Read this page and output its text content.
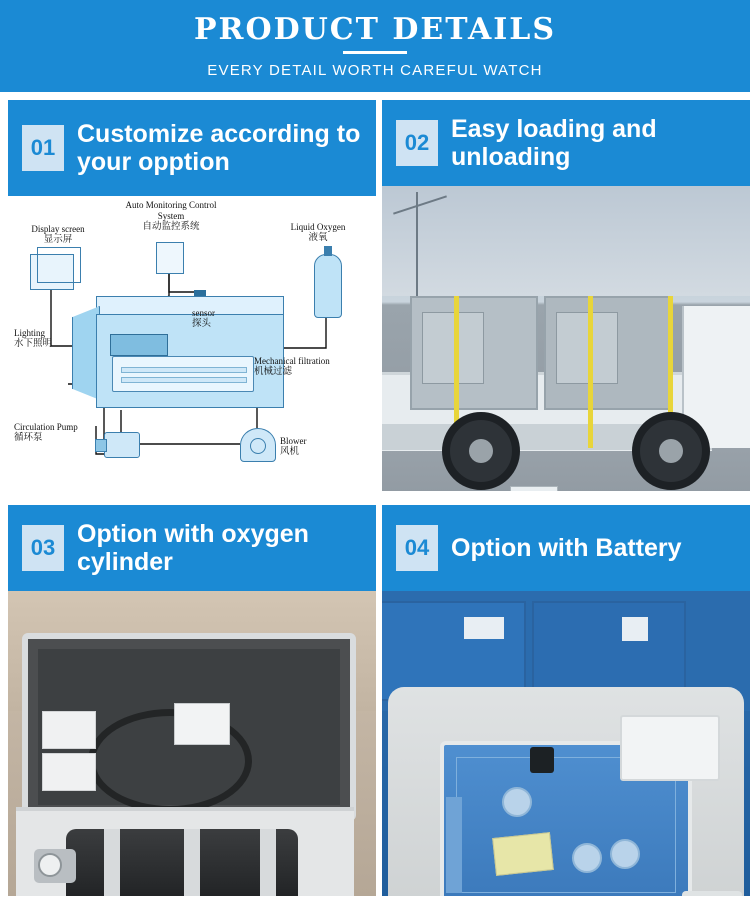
PRODUCT DETAILS
EVERY DETAIL WORTH CAREFUL WATCH
01 Customize according to your opption
Display screen
显示屏
Auto Monitoring Control System
自动监控系统	Liquid Oxygen
液氧
sensor
探头
Mechanical filtration
机械过滤
Lighting
水下照明
Circulation Pump
循环泵	Blower
风机
02 Easy loading and unloading
03 Option with oxygen cylinder
04 Option with Battery
